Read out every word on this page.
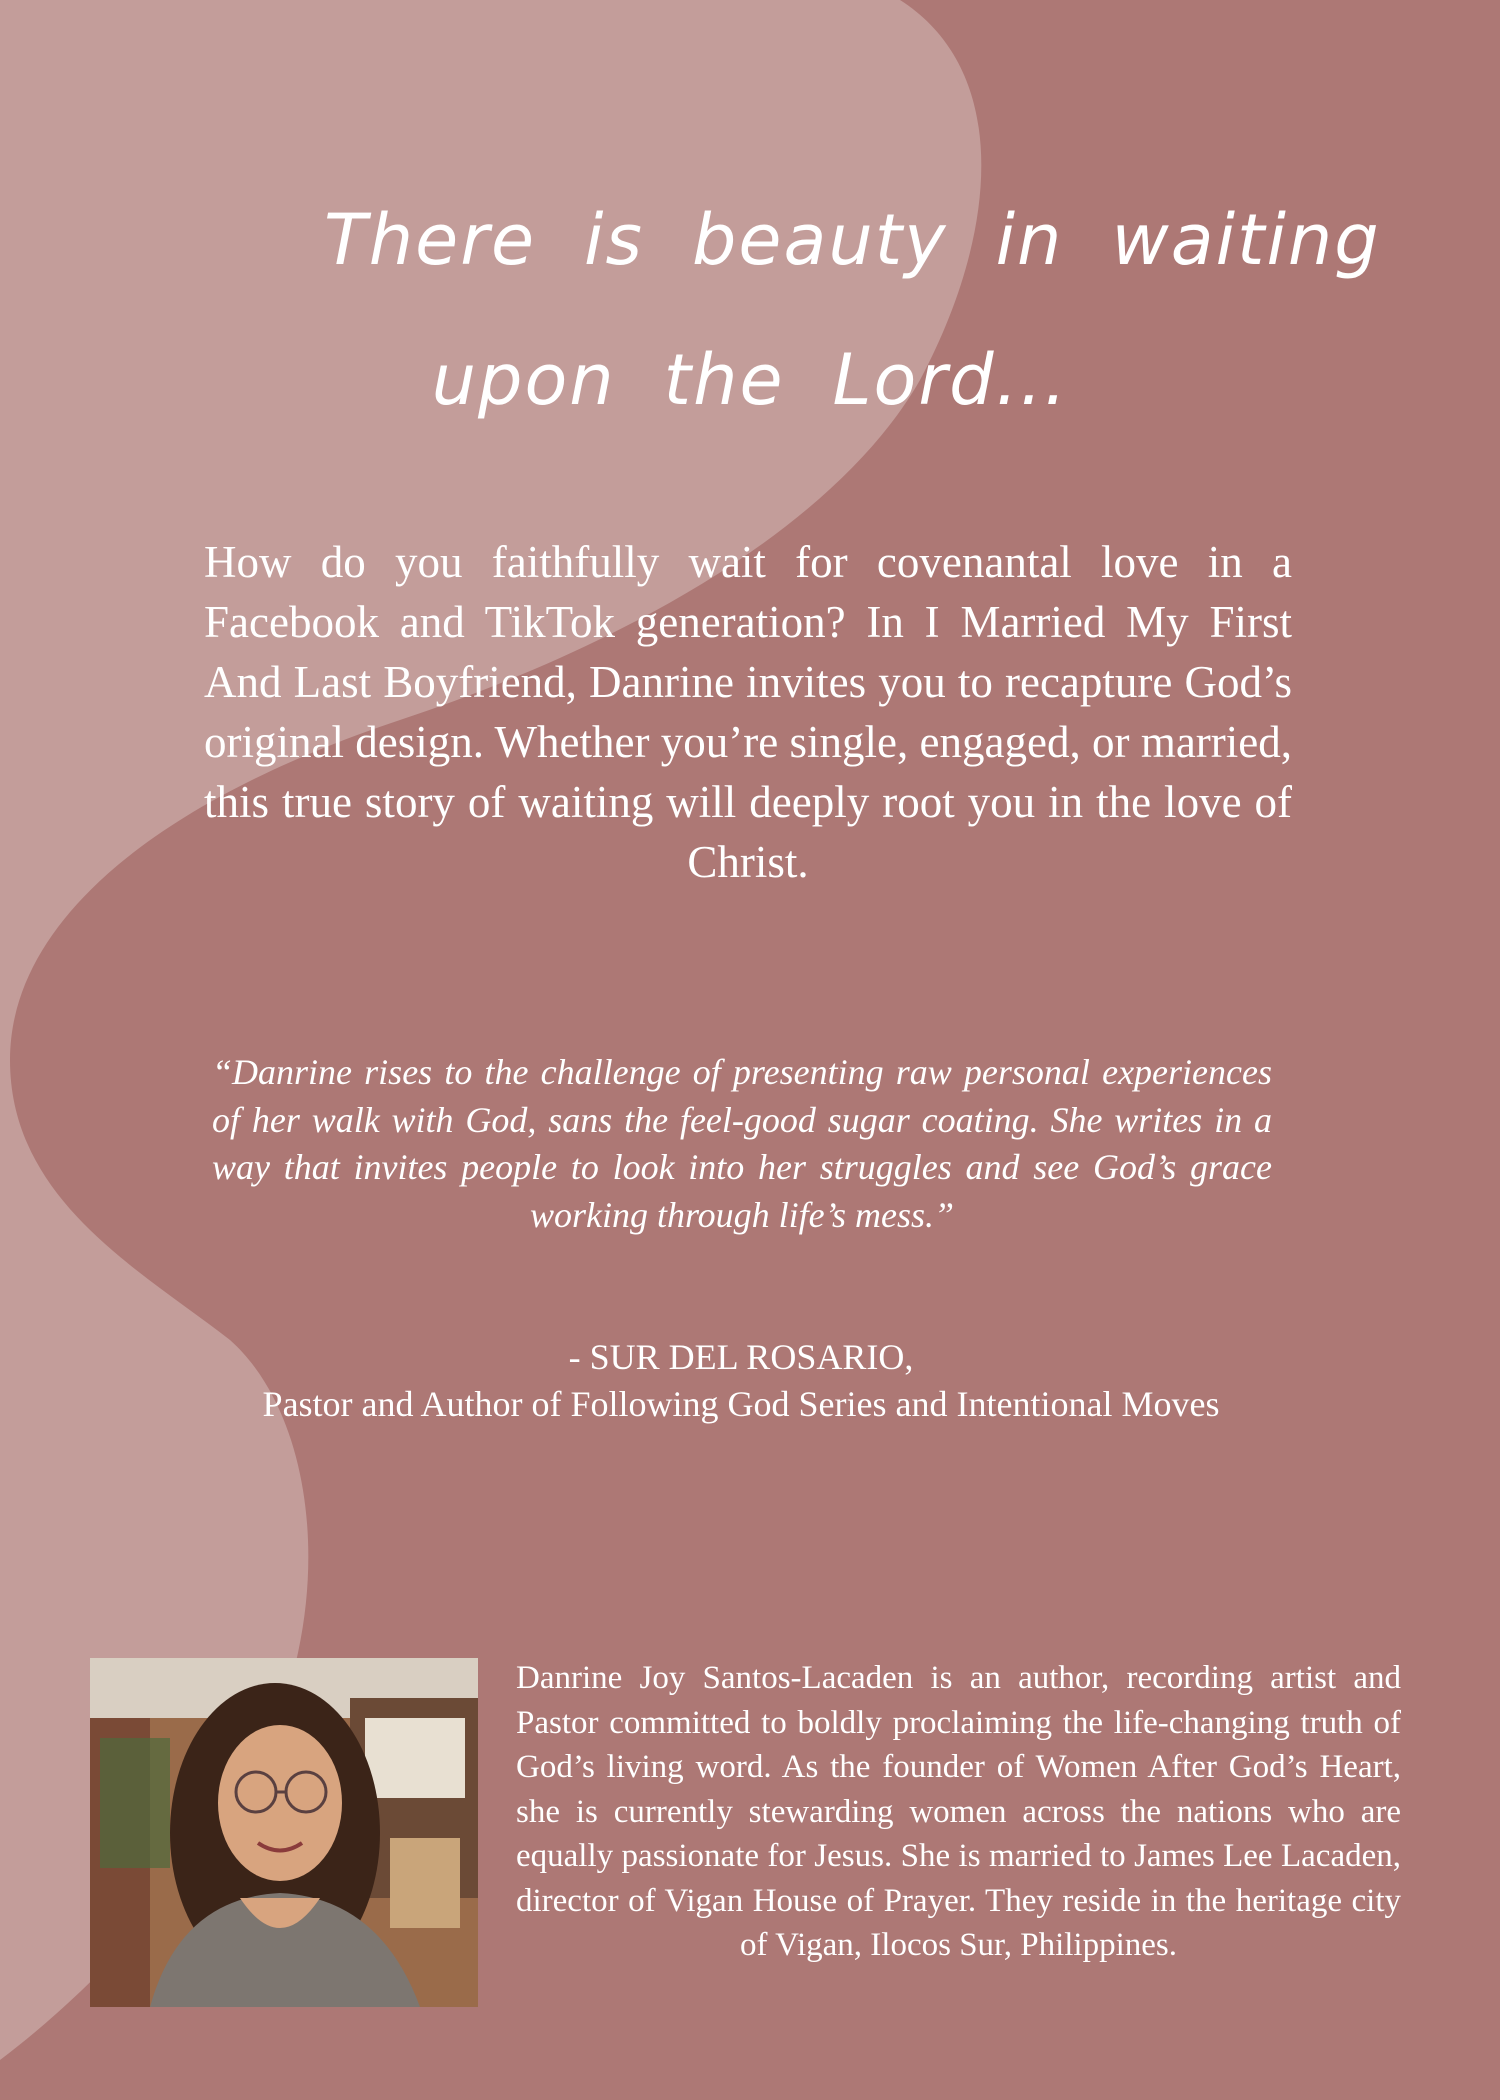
There is beauty in waiting
upon the Lord...
How do you faithfully wait for covenantal love in a Facebook and TikTok generation? In I Married My First And Last Boyfriend, Danrine invites you to recapture God’s original design. Whether you’re single, engaged, or married, this true story of waiting will deeply root you in the love of Christ.
“Danrine rises to the challenge of presenting raw personal experiences of her walk with God, sans the feel-good sugar coating. She writes in a way that invites people to look into her struggles and see God’s grace working through life’s mess.”
- SUR DEL ROSARIO,
Pastor and Author of Following God Series and Intentional Moves
Danrine Joy Santos-Lacaden is an author, recording artist and Pastor committed to boldly proclaiming the life-changing truth of God’s living word. As the founder of Women After God’s Heart, she is currently stewarding women across the nations who are equally passionate for Jesus. She is married to James Lee Lacaden, director of Vigan House of Prayer. They reside in the heritage city of Vigan, Ilocos Sur, Philippines.
